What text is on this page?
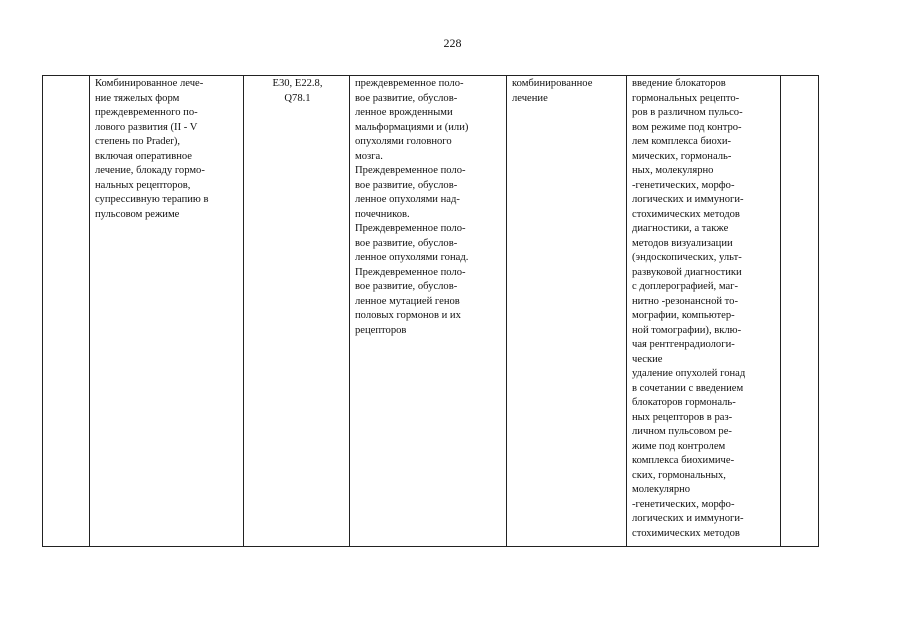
228

Комбинированное лече-
ние тяжелых форм
преждевременного по-
лового развития (II - V
степень по Prader),
включая оперативное
лечение, блокаду гормо-
нальных рецепторов,
супрессивную терапию в
пульсовом режиме

E30, E22.8,
Q78.1

преждевременное поло-
вое развитие, обуслов-
ленное врожденными
мальформациями и (или)
опухолями головного
мозга.
Преждевременное поло-
вое развитие, обуслов-
ленное опухолями над-
почечников.
Преждевременное поло-
вое развитие, обуслов-
ленное опухолями гонад.
Преждевременное поло-
вое развитие, обуслов-
ленное мутацией генов
половых гормонов и их
рецепторов

комбинированное
лечение

введение блокаторов
гормональных рецепто-
ров в различном пульсо-
вом режиме под контро-
лем комплекса биохи-
мических, гормональ-
ных, молекулярно
-генетических, морфо-
логических и иммуноги-
стохимических методов
диагностики, а также
методов визуализации
(эндоскопических, ульт-
развуковой диагностики
с доплерографией, маг-
нитно -резонансной то-
мографии, компьютер-
ной томографии), вклю-
чая рентгенрадиологи-
ческие
удаление опухолей гонад
в сочетании с введением
блокаторов гормональ-
ных рецепторов в раз-
личном пульсовом ре-
жиме под контролем
комплекса биохимиче-
ских, гормональных,
молекулярно
-генетических, морфо-
логических и иммуноги-
стохимических методов
